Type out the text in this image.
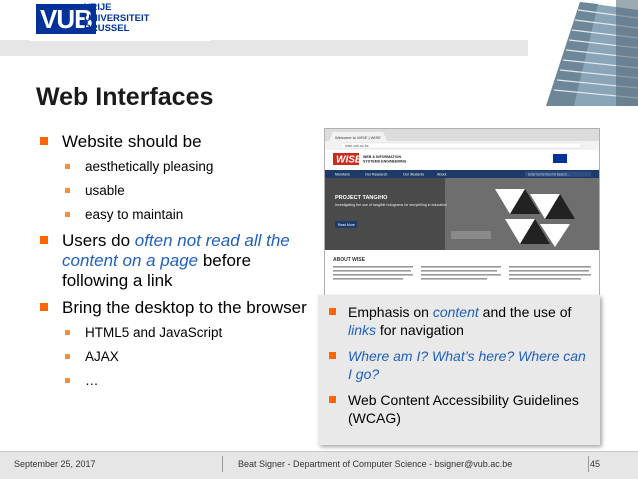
VUB
VRIJE
UNIVERSITEIT
BRUSSEL
Web Interfaces
Website should be
aesthetically pleasing
usable
easy to maintain
Users do often not read all the content on a page before following a link
Bring the desktop to the browser
HTML5 and JavaScript
AJAX
…
Welcome to WISE | WISE
wise.vub.ac.be
WISE WEB & INFORMATION
SYSTEMS ENGINEERING
Members	Our Research	Our Students	About	Enter terms then hit Search...
PROJECT TANGIHO
Investigating the use of tangible holograms for storytelling in education
Read More
ABOUT WISE
Emphasis on content and the use of links for navigation
Where am I? What’s here? Where can I go?
Web Content Accessibility Guidelines (WCAG)
September 25, 2017	Beat Signer - Department of Computer Science - bsigner@vub.ac.be	45
